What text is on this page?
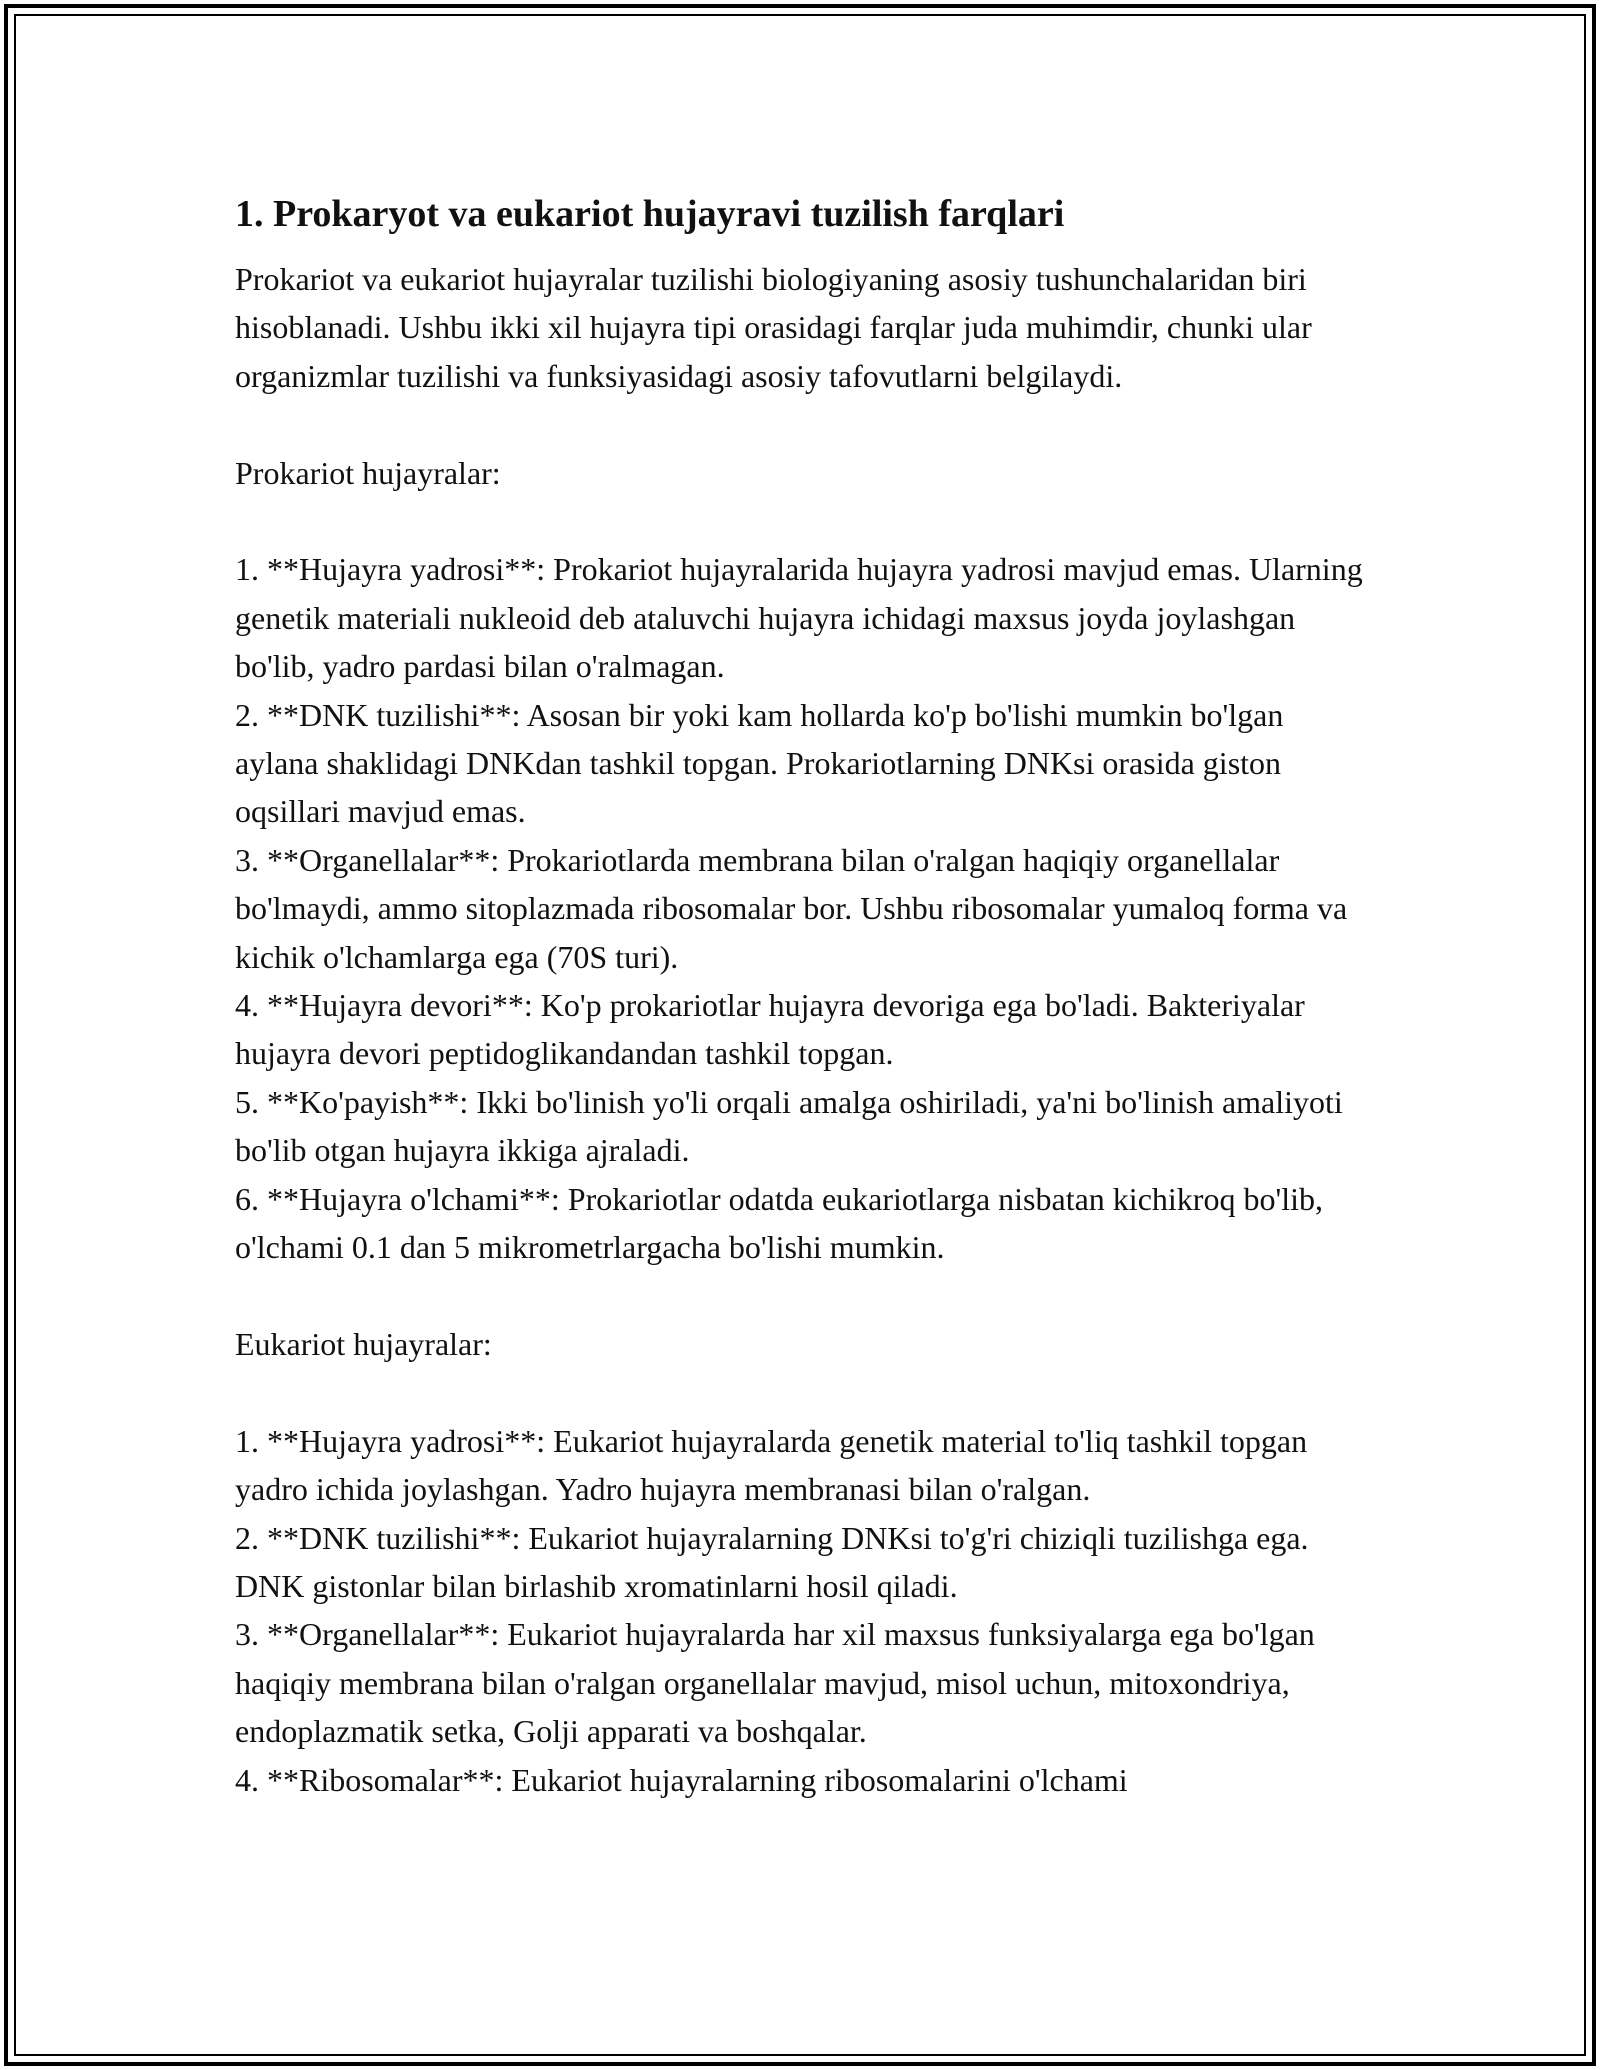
1. Prokaryot va eukariot hujayravi tuzilish farqlari

Prokariot va eukariot hujayralar tuzilishi biologiyaning asosiy tushunchalaridan biri hisoblanadi. Ushbu ikki xil hujayra tipi orasidagi farqlar juda muhimdir, chunki ular organizmlar tuzilishi va funksiyasidagi asosiy tafovutlarni belgilaydi.

Prokariot hujayralar:

1. **Hujayra yadrosi**: Prokariot hujayralarida hujayra yadrosi mavjud emas. Ularning genetik materiali nukleoid deb ataluvchi hujayra ichidagi maxsus joyda joylashgan bo'lib, yadro pardasi bilan o'ralmagan.

2. **DNK tuzilishi**: Asosan bir yoki kam hollarda ko'p bo'lishi mumkin bo'lgan aylana shaklidagi DNKdan tashkil topgan. Prokariotlarning DNKsi orasida giston oqsillari mavjud emas.

3. **Organellalar**: Prokariotlarda membrana bilan o'ralgan haqiqiy organellalar bo'lmaydi, ammo sitoplazmada ribosomalar bor. Ushbu ribosomalar yumaloq forma va kichik o'lchamlarga ega (70S turi).

4. **Hujayra devori**: Ko'p prokariotlar hujayra devoriga ega bo'ladi. Bakteriyalar hujayra devori peptidoglikandandan tashkil topgan.

5. **Ko'payish**: Ikki bo'linish yo'li orqali amalga oshiriladi, ya'ni bo'linish amaliyoti bo'lib otgan hujayra ikkiga ajraladi.

6. **Hujayra o'lchami**: Prokariotlar odatda eukariotlarga nisbatan kichikroq bo'lib, o'lchami 0.1 dan 5 mikrometrlargacha bo'lishi mumkin.

Eukariot hujayralar:

1. **Hujayra yadrosi**: Eukariot hujayralarda genetik material to'liq tashkil topgan yadro ichida joylashgan. Yadro hujayra membranasi bilan o'ralgan.

2. **DNK tuzilishi**: Eukariot hujayralarning DNKsi to'g'ri chiziqli tuzilishga ega. DNK gistonlar bilan birlashib xromatinlarni hosil qiladi.

3. **Organellalar**: Eukariot hujayralarda har xil maxsus funksiyalarga ega bo'lgan haqiqiy membrana bilan o'ralgan organellalar mavjud, misol uchun, mitoxondriya, endoplazmatik setka, Golji apparati va boshqalar.

4. **Ribosomalar**: Eukariot hujayralarning ribosomalarini o'lchami
